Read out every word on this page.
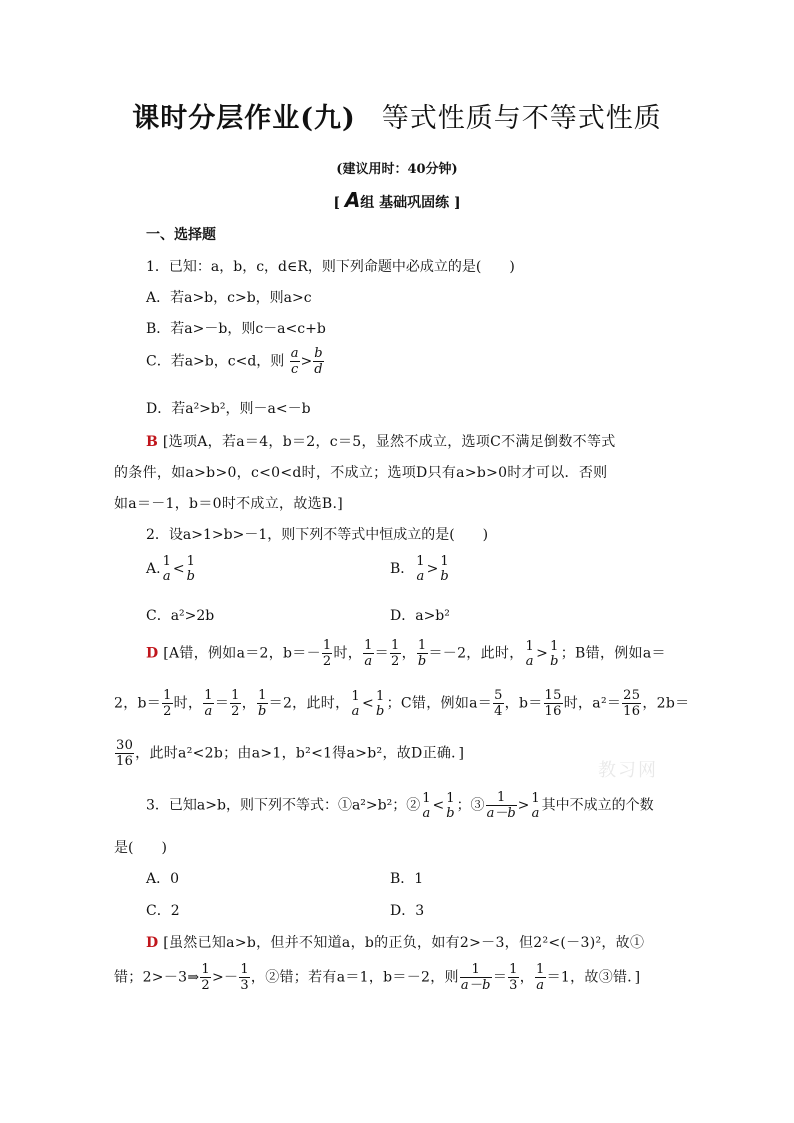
课时分层作业(九) 等式性质与不等式性质
(建议用时：40分钟)
[ A组 基础巩固练 ]
一、选择题
1．已知：a，b，c，d∈R，则下列命题中必成立的是(　　)
A．若a>b，c>b，则a>c
B．若a>－b，则c－a<c+b
C．若a>b，c<d，则 $\frac{a}{c} > \frac{b}{d}$
D．若a²>b²，则－a<－b
B [选项A，若a＝4，b＝2，c＝5，显然不成立，选项C不满足倒数不等式
的条件，如a>b>0，c<0<d时，不成立；选项D只有a>b>0时才可以．否则
如a＝－1，b＝0时不成立，故选B.]
2．设a>1>b>－1，则下列不等式中恒成立的是(　　)
A. 1
a < 1
b	B． 1
a > 1
b
C．a²>2b	D．a>b²
D [A错，例如a＝2，$b=- \frac{1}{2}$ 时， $\frac{1}{a} = \frac{1}{2}$ ， $\frac{1}{b} =-2$，此时， 1
a > 1
b ；B错，例如a＝
2，$b= \frac{1}{2}$ 时， $\frac{1}{a} = \frac{1}{2}$ ， $\frac{1}{b} =2$，此时， 1
a < 1
b ；C错，例如$a= \frac{5}{4}$ ，$b= \frac{15}{16}$ 时，$a^2= \frac{25}{16}$ ，2b＝
$\frac{30}{16}$ ，此时a²<2b；由a>1，b²<1得a>b²，故D正确．]
3．已知a>b，则下列不等式：①a²>b²；② 1
a < 1
b ；③ $\frac{1}{a-b} > 1$
a 其中不成立的个数
是(　　)
A．0	B．1
C．2	D．3
D [虽然已知a>b，但并不知道a，b的正负，如有2>－3，但2²<(－3)²，故①
错；2>－3⇒ $\frac{1}{2} >- \frac{1}{3}$ ，②错；若有a＝1，b＝－2，则 $\frac{1}{a-b} = \frac{1}{3}$ ， $\frac{1}{a} =1$，故③错．]
教习网
